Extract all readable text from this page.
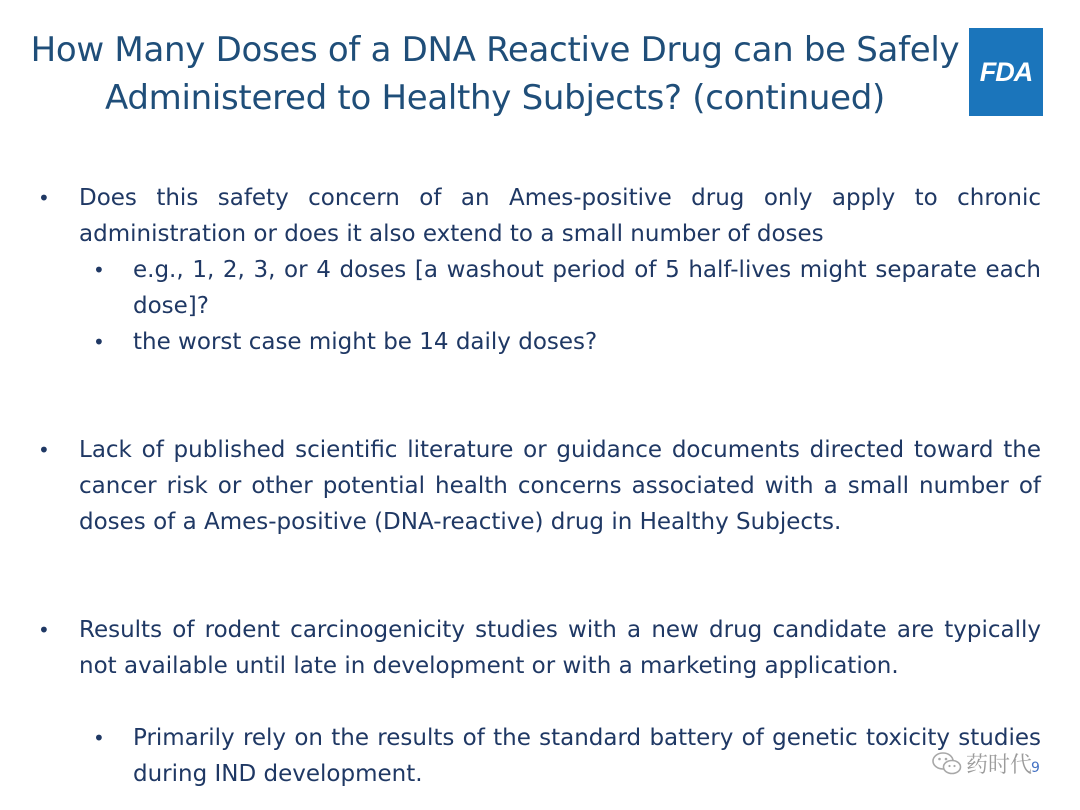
How Many Doses of a DNA Reactive Drug can be Safely
Administered to Healthy Subjects? (continued)
FDA
• Does this safety concern of an Ames-positive drug only apply to chronic administration or does it also extend to a small number of doses
• e.g., 1, 2, 3, or 4 doses [a washout period of 5 half-lives might separate each dose]?
• the worst case might be 14 daily doses?
• Lack of published scientific literature or guidance documents directed toward the cancer risk or other potential health concerns associated with a small number of doses of a Ames-positive (DNA-reactive) drug in Healthy Subjects.
• Results of rodent carcinogenicity studies with a new drug candidate are typically not available until late in development or with a marketing application.
• Primarily rely on the results of the standard battery of genetic toxicity studies during IND development.	药时代
9
